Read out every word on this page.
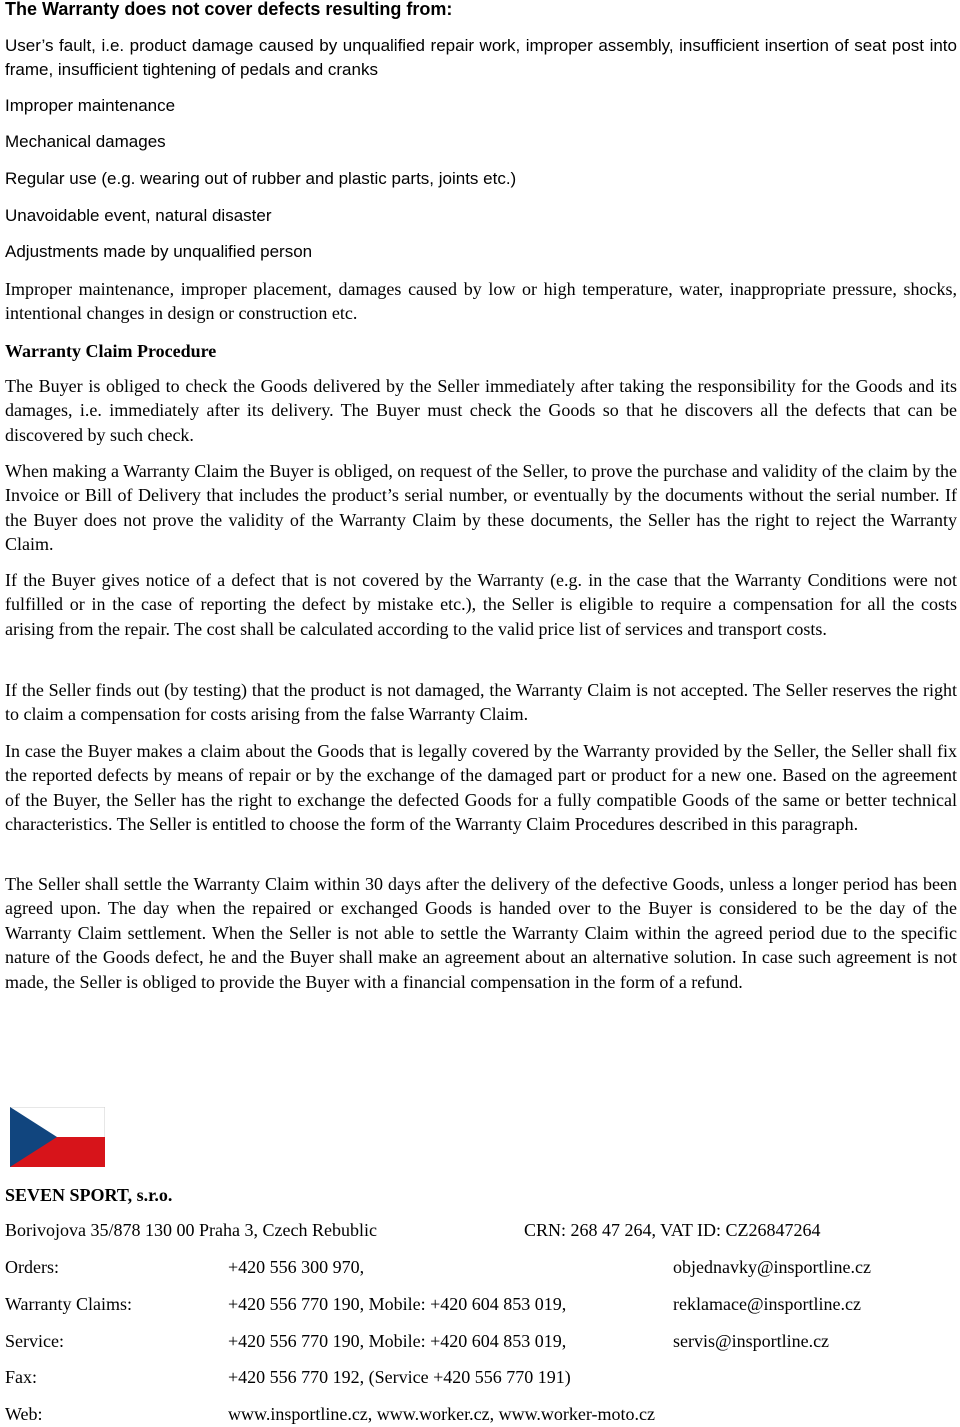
The Warranty does not cover defects resulting from:

User’s fault, i.e. product damage caused by unqualified repair work, improper assembly, insufficient insertion of seat post into frame, insufficient tightening of pedals and cranks

Improper maintenance

Mechanical damages

Regular use (e.g. wearing out of rubber and plastic parts, joints etc.)

Unavoidable event, natural disaster

Adjustments made by unqualified person

Improper maintenance, improper placement, damages caused by low or high temperature, water, inappropriate pressure, shocks, intentional changes in design or construction etc.

Warranty Claim Procedure

The Buyer is obliged to check the Goods delivered by the Seller immediately after taking the responsibility for the Goods and its damages, i.e. immediately after its delivery. The Buyer must check the Goods so that he discovers all the defects that can be discovered by such check.

When making a Warranty Claim the Buyer is obliged, on request of the Seller, to prove the purchase and validity of the claim by the Invoice or Bill of Delivery that includes the product’s serial number, or eventually by the documents without the serial number. If the Buyer does not prove the validity of the Warranty Claim by these documents, the Seller has the right to reject the Warranty Claim.

If the Buyer gives notice of a defect that is not covered by the Warranty (e.g. in the case that the Warranty Conditions were not fulfilled or in the case of reporting the defect by mistake etc.), the Seller is eligible to require a compensation for all the costs arising from the repair. The cost shall be calculated according to the valid price list of services and transport costs.

If the Seller finds out (by testing) that the product is not damaged, the Warranty Claim is not accepted. The Seller reserves the right to claim a compensation for costs arising from the false Warranty Claim.

In case the Buyer makes a claim about the Goods that is legally covered by the Warranty provided by the Seller, the Seller shall fix the reported defects by means of repair or by the exchange of the damaged part or product for a new one. Based on the agreement of the Buyer, the Seller has the right to exchange the defected Goods for a fully compatible Goods of the same or better technical characteristics. The Seller is entitled to choose the form of the Warranty Claim Procedures described in this paragraph.

The Seller shall settle the Warranty Claim within 30 days after the delivery of the defective Goods, unless a longer period has been agreed upon. The day when the repaired or exchanged Goods is handed over to the Buyer is considered to be the day of the Warranty Claim settlement. When the Seller is not able to settle the Warranty Claim within the agreed period due to the specific nature of the Goods defect, he and the Buyer shall make an agreement about an alternative solution. In case such agreement is not made, the Seller is obliged to provide the Buyer with a financial compensation in the form of a refund.

SEVEN SPORT, s.r.o.

Borivojova 35/878 130 00 Praha 3, Czech Rebublic	CRN: 268 47 264, VAT ID: CZ26847264
Orders:	+420 556 300 970,	objednavky@insportline.cz
Warranty Claims:	+420 556 770 190, Mobile: +420 604 853 019,	reklamace@insportline.cz
Service:	+420 556 770 190, Mobile: +420 604 853 019,	servis@insportline.cz
Fax:	+420 556 770 192, (Service +420 556 770 191)
Web:	www.insportline.cz, www.worker.cz, www.worker-moto.cz
